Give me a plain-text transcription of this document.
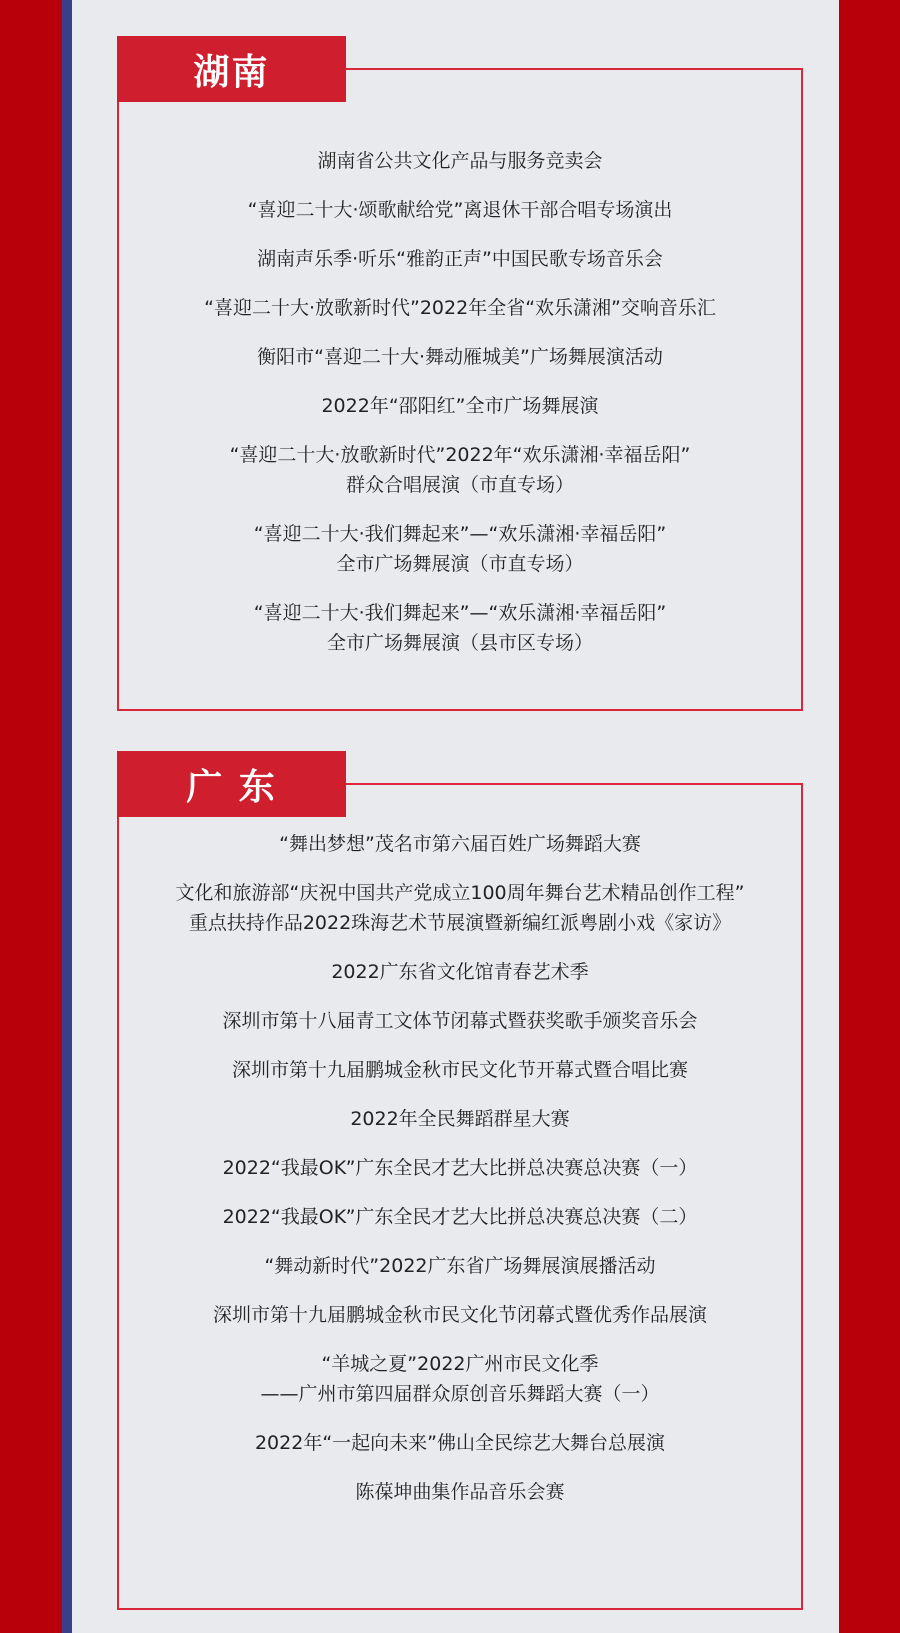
湖南
湖南省公共文化产品与服务竞卖会
“喜迎二十大·颂歌献给党”离退休干部合唱专场演出
湖南声乐季·听乐“雅韵正声”中国民歌专场音乐会
“喜迎二十大·放歌新时代”2022年全省“欢乐潇湘”交响音乐汇
衡阳市“喜迎二十大·舞动雁城美”广场舞展演活动
2022年“邵阳红”全市广场舞展演
“喜迎二十大·放歌新时代”2022年“欢乐潇湘·幸福岳阳”
群众合唱展演（市直专场）
“喜迎二十大·我们舞起来”—“欢乐潇湘·幸福岳阳”
全市广场舞展演（市直专场）
“喜迎二十大·我们舞起来”—“欢乐潇湘·幸福岳阳”
全市广场舞展演（县市区专场）
广 东
“舞出梦想”茂名市第六届百姓广场舞蹈大赛
文化和旅游部“庆祝中国共产党成立100周年舞台艺术精品创作工程”
重点扶持作品2022珠海艺术节展演暨新编红派粤剧小戏《家访》
2022广东省文化馆青春艺术季
深圳市第十八届青工文体节闭幕式暨获奖歌手颁奖音乐会
深圳市第十九届鹏城金秋市民文化节开幕式暨合唱比赛
2022年全民舞蹈群星大赛
2022“我最OK”广东全民才艺大比拼总决赛总决赛（一）
2022“我最OK”广东全民才艺大比拼总决赛总决赛（二）
“舞动新时代”2022广东省广场舞展演展播活动
深圳市第十九届鹏城金秋市民文化节闭幕式暨优秀作品展演
“羊城之夏”2022广州市民文化季
——广州市第四届群众原创音乐舞蹈大赛（一）
2022年“一起向未来”佛山全民综艺大舞台总展演
陈葆坤曲集作品音乐会赛
